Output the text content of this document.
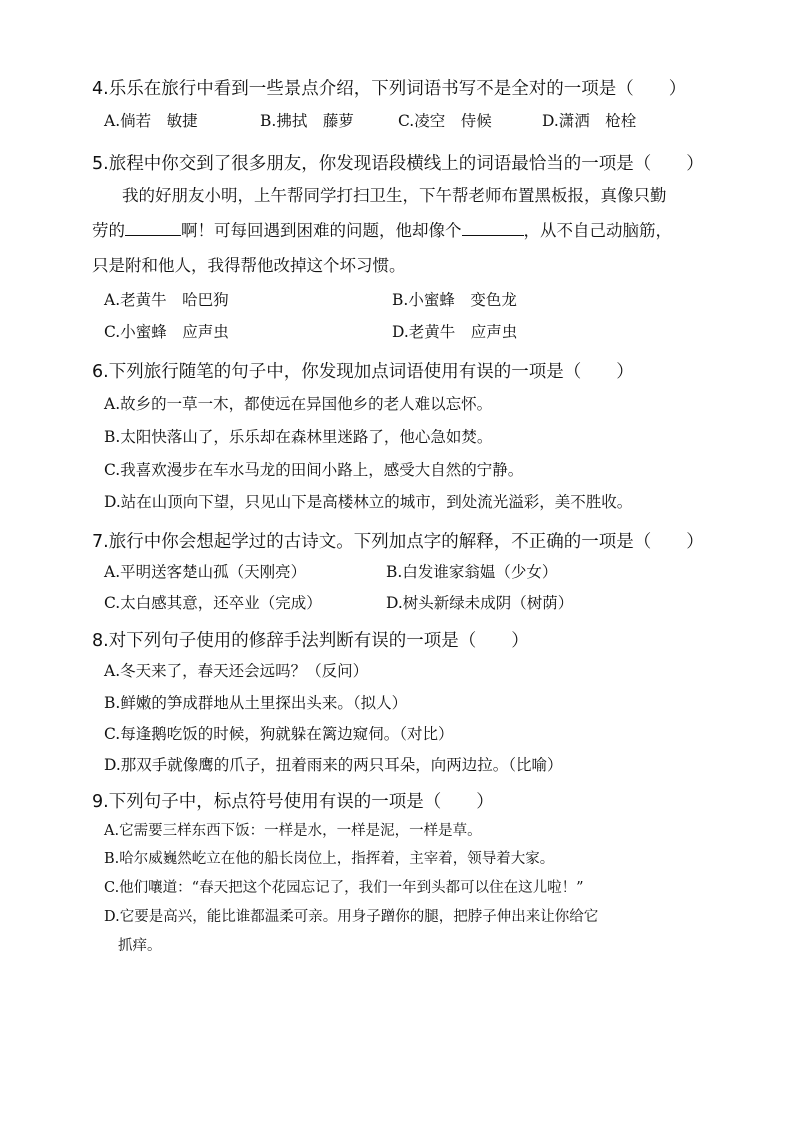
4.乐乐在旅行中看到一些景点介绍，下列词语书写不是全对的一项是（　　）
A.倘若　敏捷	B.拂拭　藤萝	C.凌空　侍候	D.潇洒　枪栓
5.旅程中你交到了很多朋友，你发现语段横线上的词语最恰当的一项是（　　）
我的好朋友小明，上午帮同学打扫卫生，下午帮老师布置黑板报，真像只勤
劳的	啊！可每回遇到困难的问题，他却像个	，从不自己动脑筋，
只是附和他人，我得帮他改掉这个坏习惯。
A.老黄牛　哈巴狗	B.小蜜蜂　变色龙
C.小蜜蜂　应声虫	D.老黄牛　应声虫
6.下列旅行随笔的句子中，你发现加点词语使用有误的一项是（　　）
A.故乡的一草一木，都使远在异国他乡的老人难以忘怀。
B.太阳快落山了，乐乐却在森林里迷路了，他心急如焚。
C.我喜欢漫步在车水马龙的田间小路上，感受大自然的宁静。
D.站在山顶向下望，只见山下是高楼林立的城市，到处流光溢彩，美不胜收。
7.旅行中你会想起学过的古诗文。下列加点字的解释，不正确的一项是（　　）
A.平明送客楚山孤（天刚亮）	B.白发谁家翁媪（少女）
C.太白感其意，还卒业（完成）	D.树头新绿未成阴（树荫）
8.对下列句子使用的修辞手法判断有误的一项是（　　）
A.冬天来了，春天还会远吗？（反问）
B.鲜嫩的笋成群地从土里探出头来。（拟人）
C.每逢鹅吃饭的时候，狗就躲在篱边窥伺。（对比）
D.那双手就像鹰的爪子，扭着雨来的两只耳朵，向两边拉。（比喻）
9.下列句子中，标点符号使用有误的一项是（　　）
A.它需要三样东西下饭：一样是水，一样是泥，一样是草。
B.哈尔威巍然屹立在他的船长岗位上，指挥着，主宰着，领导着大家。
C.他们嚷道：“春天把这个花园忘记了，我们一年到头都可以住在这儿啦！”
D.它要是高兴，能比谁都温柔可亲。用身子蹭你的腿，把脖子伸出来让你给它
抓痒。
